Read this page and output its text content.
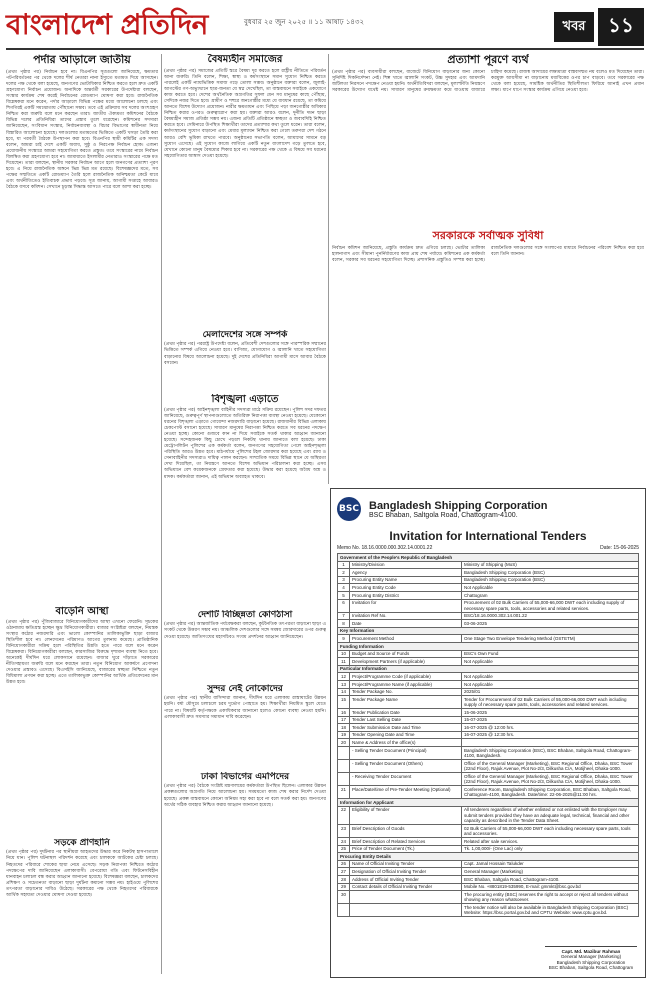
বাংলাদেশ প্রতিদিন	বুধবার ২৫ জুন ২০২৫ ॥ ১১ আষাঢ় ১৪৩২	খবর	১১
পর্দার আড়ালে জাতীয়
(প্রথম পৃষ্ঠার পর) নির্বাচন হবে না। বিএনপির সূত্রগুলো জানিয়েছে, ক্ষমতার পটপরিবর্তনের পর থেকে দলের শীর্ষ নেতারা নানা ইস্যুতে মতামত দিয়ে আসছেন। দলের পক্ষ থেকে বলা হয়েছে, জনগণের ভোটাধিকার নিশ্চিত করতে হলে দ্রুত একটি গ্রহণযোগ্য নির্বাচন প্রয়োজন। অন্যদিকে অন্তর্বর্তী সরকারের উপদেষ্টারা বলছেন, সংস্কার কার্যক্রম শেষ করেই নির্বাচনের রোডম্যাপ ঘোষণা করা হবে। রাজনৈতিক বিশ্লেষকরা মনে করেন, পর্দার আড়ালে বিভিন্ন পক্ষের মধ্যে আলোচনা চলছে এবং শিগগিরই একটি সমঝোতায় পৌঁছানো সম্ভব। তবে এই প্রক্রিয়ায় সব দলের অংশগ্রহণ নিশ্চিত করা জরুরি বলে মনে করছেন তারা। জাতীয় ঐক্যমত্য কমিশনের বৈঠকে বিভিন্ন দলের প্রতিনিধিরা তাদের প্রস্তাব তুলে ধরেছেন। কমিশনের সদস্যরা জানিয়েছেন, সংবিধান সংস্কার, নির্বাচনব্যবস্থা ও বিচার বিভাগের স্বাধীনতা নিয়ে বিস্তারিত আলোচনা হয়েছে। দলগুলোর মতামতের ভিত্তিতে একটি খসড়া তৈরি করা হবে, যা পরবর্তী বৈঠকে উপস্থাপন করা হবে। বিএনপির স্থায়ী কমিটির এক সদস্য বলেন, আমরা চাই দেশে একটি অবাধ, সুষ্ঠু ও নিরপেক্ষ নির্বাচন হোক। এজন্য প্রয়োজনীয় সংস্কারে আমরা সহযোগিতা করতে প্রস্তুত। তবে সংস্কারের নামে নির্বাচন বিলম্বিত করা গ্রহণযোগ্য হবে না। জামায়াতে ইসলামীর নেতারাও সংস্কারের পক্ষে মত দিয়েছেন। তারা বলছেন, স্থানীয় সরকার নির্বাচন আগে হলে জনগণের প্রত্যাশা পূরণ হবে। এ নিয়ে রাজনৈতিক অঙ্গনে ভিন্ন ভিন্ন মত রয়েছে। বিশেষজ্ঞদের মতে, সব পক্ষের সম্মতিতে একটি রোডম্যাপ তৈরি হলে রাজনৈতিক অনিশ্চয়তা কেটে যাবে এবং অর্থনীতিতেও ইতিবাচক প্রভাব পড়বে। সূত্র জানায়, আগামী সপ্তাহে আবারও বৈঠকে বসবে কমিশন। সেখানে চূড়ান্ত সিদ্ধান্ত আসতে পারে বলে আশা করা হচ্ছে।
বৈষম্যহীন সমাজের
(প্রথম পৃষ্ঠার পর) সমাজের প্রতিটি স্তরে বৈষম্য দূর করতে হলে রাষ্ট্রীয় নীতিতে পরিবর্তন আনা জরুরি। তিনি বলেন, শিক্ষা, স্বাস্থ্য ও কর্মসংস্থানে সমান সুযোগ নিশ্চিত করতে পারলেই একটি ন্যায়ভিত্তিক সমাজ গড়ে তোলা সম্ভব। অনুষ্ঠানে বক্তারা বলেন, জুলাই-আগস্টের গণ-অভ্যুত্থানে ছাত্র-জনতা যে স্বপ্ন দেখেছিল, তা বাস্তবায়নে সবাইকে একযোগে কাজ করতে হবে। দেশের অর্থনৈতিক অগ্রগতির সুফল যেন সব মানুষের কাছে পৌঁছায়, সেদিকে নজর দিতে হবে। গ্রামীণ ও শহুরে জনগোষ্ঠীর মধ্যে যে ব্যবধান রয়েছে, তা কমিয়ে আনতে বিশেষ উদ্যোগ প্রয়োজন। নারীর ক্ষমতায়ন এবং পিছিয়ে পড়া জনগোষ্ঠীর অধিকার নিশ্চিত করার ওপরও গুরুত্বারোপ করা হয়। বক্তারা আরও বলেন, দুর্নীতি দমন ছাড়া বৈষম্যহীন সমাজ প্রতিষ্ঠা সম্ভব নয়। এজন্য প্রতিটি প্রতিষ্ঠানে স্বচ্ছতা ও জবাবদিহি নিশ্চিত করতে হবে। সেমিনারে উপস্থিত শিক্ষার্থীরা তাদের প্রত্যাশার কথা তুলে ধরেন। তারা বলেন, কর্মসংস্থানের সুযোগ বাড়ানো এবং মেধার মূল্যায়ন নিশ্চিত করা গেলে তরুণরা দেশ গঠনে আরও বেশি ভূমিকা রাখতে পারবে। অনুষ্ঠানের সভাপতি বলেন, আমাদের সামনে বড় সুযোগ এসেছে। এই সুযোগ কাজে লাগিয়ে একটি নতুন বাংলাদেশ গড়ে তুলতে হবে, যেখানে কোনো মানুষ বৈষম্যের শিকার হবে না। সরকারের পক্ষ থেকে এ বিষয়ে সব ধরনের সহযোগিতার আশ্বাস দেওয়া হয়েছে।
প্রত্যাশা পূরণে ব্যর্থ
(প্রথম পৃষ্ঠার পর) ব্যবসায়ীরা বলছেন, বাজেটে বিনিয়োগ বাড়ানোর জন্য কোনো সুনির্দিষ্ট দিকনির্দেশনা নেই। শিল্প খাতে জ্বালানি সংকট, উচ্চ সুদহার এবং আমদানি জটিলতা নিরসনে পদক্ষেপ নেওয়া হয়নি। অর্থনীতিবিদরা বলছেন, মূল্যস্ফীতি নিয়ন্ত্রণে সরকারের উদ্যোগ যথেষ্ট নয়। সাধারণ মানুষের ক্রয়ক্ষমতা কমে যাওয়ায় বাজারে চাহিদা কমেছে। রাজস্ব আদায়ের লক্ষ্যমাত্রা বাস্তবসম্মত নয় বলেও মত দিয়েছেন তারা। করমুক্ত আয়সীমা না বাড়ানোয় মধ্যবিত্তের ওপর চাপ বাড়বে। তবে সরকারের পক্ষ থেকে বলা হয়েছে, সামষ্টিক অর্থনীতির স্থিতিশীলতা ফিরিয়ে আনাই এখন প্রধান লক্ষ্য। ধাপে ধাপে সংস্কার কার্যক্রম এগিয়ে নেওয়া হবে।
সরকারকে সর্বাত্মক সুবিধা
নির্বাচন কমিশন জানিয়েছে, প্রস্তুতি কার্যক্রম দ্রুত এগিয়ে চলছে। ভোটার তালিকা হালনাগাদ এবং সীমানা পুনর্নির্ধারণের কাজ প্রায় শেষ পর্যায়ে। কমিশনের এক কর্মকর্তা বলেন, সরকার সব ধরনের সহযোগিতা দিচ্ছে। প্রশাসনিক প্রস্তুতিও সম্পন্ন করা হচ্ছে। রাজনৈতিক দলগুলোর সঙ্গে সংলাপের মাধ্যমে নির্বাচনের পরিবেশ নিশ্চিত করা হবে বলে তিনি জানান।
মেলাদেশের সঙ্গে সম্পর্ক
(প্রথম পৃষ্ঠার পর) পররাষ্ট্র উপদেষ্টা বলেন, প্রতিবেশী দেশগুলোর সঙ্গে পারস্পরিক সম্মানের ভিত্তিতে সম্পর্ক এগিয়ে নেওয়া হবে। বাণিজ্য, যোগাযোগ ও জ্বালানি খাতে সহযোগিতা বাড়ানোর বিষয়ে আলোচনা হয়েছে। দুই দেশের প্রতিনিধিরা আগামী মাসে আবার বৈঠকে বসবেন।
বিশৃঙ্খলা এড়াতে
(প্রথম পৃষ্ঠার পর) আইনশৃঙ্খলা বাহিনীর সদস্যরা মাঠে সক্রিয় রয়েছেন। পুলিশ সদর দফতর জানিয়েছে, গুরুত্বপূর্ণ স্থাপনাগুলোতে অতিরিক্ত নিরাপত্তা ব্যবস্থা নেওয়া হয়েছে। যেকোনো ধরনের বিশৃঙ্খলা এড়াতে গোয়েন্দা নজরদারি বাড়ানো হয়েছে। রাজধানীর বিভিন্ন এলাকায় চেকপোস্ট বসানো হয়েছে। সাধারণ মানুষের নিরাপত্তা নিশ্চিত করতে সব ধরনের পদক্ষেপ নেওয়া হচ্ছে। কোনো গুজবে কান না দিয়ে সবাইকে সতর্ক থাকার আহ্বান জানানো হয়েছে। সন্দেহজনক কিছু চোখে পড়লে নিকটস্থ থানায় জানাতে বলা হয়েছে। ঢাকা মেট্রোপলিটন পুলিশের এক কর্মকর্তা বলেন, জনগণের সহযোগিতা পেলে আইনশৃঙ্খলা পরিস্থিতি আরও উন্নত হবে। মাঠপর্যায়ে পুলিশের টহল জোরদার করা হয়েছে এবং র‌্যাব ও সেনাবাহিনীর সদস্যরাও দায়িত্ব পালন করছেন। সাম্প্রতিক সময়ে বিভিন্ন স্থানে যে অস্থিরতা দেখা দিয়েছিল, তা নিয়ন্ত্রণে আনতে বিশেষ অভিযান পরিচালনা করা হচ্ছে। এসব অভিযানে বেশ কয়েকজনকে গ্রেফতার করা হয়েছে। উদ্ধার করা হয়েছে অবৈধ অস্ত্র ও মাদক। কর্মকর্তারা জানান, এই অভিযান অব্যাহত থাকবে।
দেশটি বিচ্ছিন্নতা কোণঠাসা
(প্রথম পৃষ্ঠার পর) আন্তর্জাতিক পর্যবেক্ষকরা বলছেন, কূটনৈতিক তৎপরতা বাড়ানো ছাড়া এ সংকট থেকে উত্তরণ সম্ভব নয়। আঞ্চলিক দেশগুলোর সঙ্গে সমন্বয় জোরদারের ওপর গুরুত্ব দেওয়া হয়েছে। জাতিসংঘের মহাসচিবও সংযম প্রদর্শনের আহ্বান জানিয়েছেন।
সুন্দর নেই নোকোদের
(প্রথম পৃষ্ঠার পর) স্থানীয় বাসিন্দারা জানান, দীর্ঘদিন ধরে এলাকায় রাস্তাঘাটের উন্নয়ন হয়নি। বর্ষা মৌসুমে চলাচলে চরম দুর্ভোগ পোহাতে হয়। শিক্ষার্থীরা নিয়মিত স্কুলে যেতে পারে না। বিষয়টি কর্তৃপক্ষকে একাধিকবার জানানো হলেও কোনো ব্যবস্থা নেওয়া হয়নি। এলাকাবাসী দ্রুত সমস্যার সমাধান দাবি করেছেন।
ঢাকা বিভাগের এমপিদের
(প্রথম পৃষ্ঠার পর) বৈঠকে সংশ্লিষ্ট মন্ত্রণালয়ের কর্মকর্তারা উপস্থিত ছিলেন। এলাকার উন্নয়ন প্রকল্পগুলোর অগ্রগতি নিয়ে আলোচনা হয়। সময়মতো কাজ শেষ করার নির্দেশ দেওয়া হয়েছে। প্রকল্প বাস্তবায়নে কোনো অনিয়ম সহ্য করা হবে না বলে সতর্ক করা হয়। জনগণের অর্থের সঠিক ব্যবহার নিশ্চিত করার আহ্বান জানানো হয়েছে।
বাড়েনি আস্থা
(প্রথম পৃষ্ঠার পর) পুঁজিবাজারে বিনিয়োগকারীদের আস্থা এখনো ফেরেনি। সূচকের ওঠানামায় ক্ষতিগ্রস্ত হচ্ছেন ক্ষুদ্র বিনিয়োগকারীরা। বাজার সংশ্লিষ্টরা বলছেন, নিয়ন্ত্রক সংস্থার কঠোর নজরদারি এবং ভালো কোম্পানির তালিকাভুক্তি ছাড়া বাজার স্থিতিশীল হবে না। লেনদেনের পরিমাণও আগের তুলনায় কমেছে। প্রাতিষ্ঠানিক বিনিয়োগকারীরা সক্রিয় হলে পরিস্থিতির উন্নতি হতে পারে বলে মনে করেন বিশ্লেষকরা। বিনিয়োগকারীরা বলছেন, কারসাজির বিরুদ্ধে দৃশ্যমান ব্যবস্থা নিতে হবে। অনেকেই দীর্ঘদিন ধরে লোকসানে রয়েছেন। বাজার ঘুরে দাঁড়াতে সরকারের নীতিসহায়তা জরুরি বলে মনে করছেন তারা। নতুন বিনিয়োগ আকর্ষণে প্রণোদনা দেওয়ার প্রস্তাবও এসেছে। বিএসইসি জানিয়েছে, বাজারের স্বচ্ছতা নিশ্চিতে নতুন বিধিমালা প্রণয়ন করা হচ্ছে। এতে তালিকাভুক্ত কোম্পানির আর্থিক প্রতিবেদনের মান উন্নত হবে।
সড়কে প্রাণহানি
(প্রথম পৃষ্ঠার পর) দুর্ঘটনার পর স্থানীয়রা আহতদের উদ্ধার করে নিকটস্থ হাসপাতালে নিয়ে যান। পুলিশ ঘটনাস্থল পরিদর্শন করেছে এবং চালককে আটকের চেষ্টা চলছে। নিহতদের পরিবারে শোকের ছায়া নেমে এসেছে। সড়ক নিরাপত্তা নিশ্চিতে কঠোর পদক্ষেপের দাবি জানিয়েছেন এলাকাবাসী। বেপরোয়া গতি এবং ফিটনেসবিহীন যানবাহন চলাচল বন্ধ করার আহ্বান জানানো হয়েছে। বিশেষজ্ঞরা বলছেন, চালকদের প্রশিক্ষণ ও সচেতনতা বাড়ানো ছাড়া দুর্ঘটনা কমানো সম্ভব নয়। হাইওয়ে পুলিশের তৎপরতা বাড়ানোর দাবিও উঠেছে। সরকারের পক্ষ থেকে নিহতদের পরিবারকে আর্থিক সহায়তা দেওয়ার ঘোষণা দেওয়া হয়েছে।
BSC Bangladesh Shipping Corporation
BSC Bhaban, Saltgola Road, Chattogram-4100.
Invitation for International Tenders
Memo No. 18.16.0000.000.302.14.0001.22	Date: 15-06-2025
Government of the People's Republic of Bangladesh		
1	Ministry/Division	Ministry of Shipping (MoS)
2	Agency	Bangladesh Shipping Corporation (BSC)
3	Procuring Entity Name	Bangladesh Shipping Corporation (BSC)
4	Procuring Entity Code	Not Applicable
5	Procuring Entity District	Chattogram
6	Invitation for	Procurement of 02 Bulk Carriers of 55,000-66,000 DWT each including supply of necessary spare parts, tools, accessories and related services.
7	Invitation Ref No.	BSC/18.16.0000.302.14.001.22
8	Date	03-06-2025
Key Information		
9	Procurement Method	One Stage Two Envelope Tendering Method (OSTETM)
Funding Information		
10	Budget and Source of Funds	BSC's Own Fund
11	Development Partners (if applicable)	Not Applicable
Particular Information		
12	Project/Programme Code (if applicable)	Not Applicable
13	Project/Programme Name (if applicable)	Not Applicable
14	Tender Package No.	2025/01
15	Tender Package Name	Tender for Procurement of 02 Bulk Carriers of 55,000-66,000 DWT each including supply of necessary spare parts, tools, accessories and related services.
16	Tender Publication Date	15-06-2025
17	Tender Last Selling Date	15-07-2025
18	Tender Submission Date and Time	16-07-2025 @ 12:00 hrs.
19	Tender Opening Date and Time	16-07-2025 @ 12:30 hrs.
20	Name & Address of the office(s)	
	- Selling Tender Document (Principal)	Bangladesh Shipping Corporation (BSC), BSC Bhaban, Saltgola Road, Chattogram-4100, Bangladesh.
	- Selling Tender Document (Others)	Office of the General Manager (Marketing), BSC Regional Office, Dhaka, BSC Tower (22nd Floor), Rajuk Avenue, Plot No-2/3, Dilkusha C/A, Motijheel, Dhaka-1000.
	- Receiving Tender Document	Office of the General Manager (Marketing), BSC Regional Office, Dhaka, BSC Tower (22nd Floor), Rajuk Avenue, Plot No-2/3, Dilkusha C/A, Motijheel, Dhaka-1000.
21	Place/Date/time of Pre-Tender Meeting (Optional)	Conference Room, Bangladesh Shipping Corporation, BSC Bhaban, Saltgola Road, Chattogram-4100, Bangladesh. Date/time: 22-06-2025@11:00 hrs.
Information for Applicant		
22	Eligibility of Tender	All tenderers regardless of whether enlisted or not enlisted with the Employer may submit tenders provided they have an adequate legal, technical, financial and other capacity as described in the Tender Data Sheet.
23	Brief Description of Goods	02 Bulk Carriers of 55,000-66,000 DWT each including necessary spare parts, tools and accessories.
24	Brief Description of Related Services	Related after sale services.
25	Price of Tender Document (Tk.)	Tk. 1,00,000/- (One Lac) only
Procuring Entity Details		
26	Name of Official Inviting Tender	Capt. Jamal Hossain Talukder
27	Designation of Official Inviting Tender	General Manager (Marketing)
28	Address of Official Inviting Tender	BSC Bhaban, Saltgola Road, Chattogram-4100.
29	Contact details of Official Inviting Tender	Mobile No. +8801819-535990, E-mail: gmmkt@bsc.gov.bd
30		The procuring entity (BSC) reserves the right to accept or reject all tenders without showing any reason whatsoever.
		The tender notice will also be available in Bangladesh Shipping Corporation (BSC) Website: https://bsc.portal.gov.bd and CPTU Website: www.cptu.gov.bd.
Capt. Md. Mazibur Rahman
General Manager (Marketing)
Bangladesh Shipping Corporation
BSC Bhaban, Saltgola Road, Chattogram
